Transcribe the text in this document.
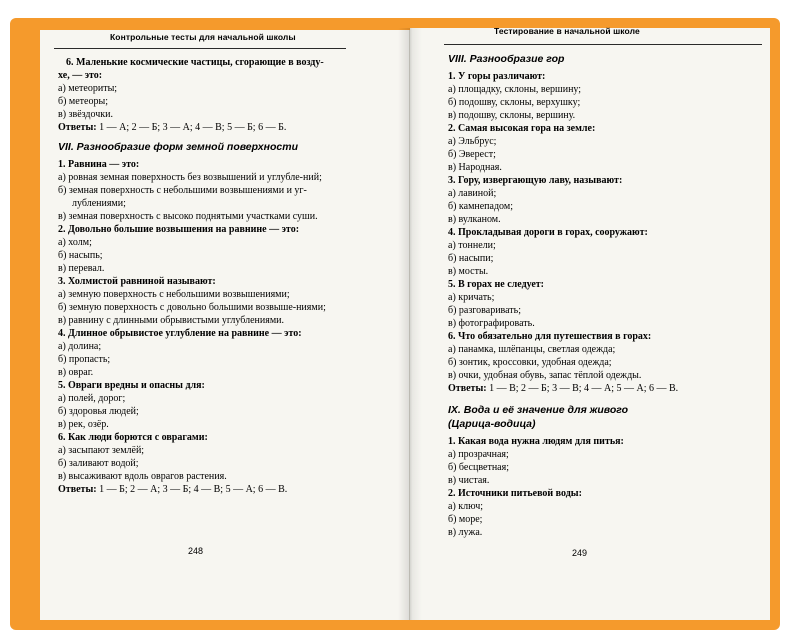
Контрольные тесты для начальной школы
6. Маленькие космические частицы, сгорающие в возду-
хе, — это:
а) метеориты;
б) метеоры;
в) звёздочки.
Ответы: 1 — А; 2 — Б; 3 — А; 4 — В; 5 — Б; 6 — Б.
VII. Разнообразие форм земной поверхности
1. Равнина — это:
а) ровная земная поверхность без возвышений и углубле-ний;
б) земная поверхность с небольшими возвышениями и уг-лублениями;
в) земная поверхность с высоко поднятыми участками суши.
2. Довольно большие возвышения на равнине — это:
а) холм;
б) насыпь;
в) перевал.
3. Холмистой равниной называют:
а) земную поверхность с небольшими возвышениями;
б) земную поверхность с довольно большими возвыше-ниями;
в) равнину с длинными обрывистыми углублениями.
4. Длинное обрывистое углубление на равнине — это:
а) долина;
б) пропасть;
в) овраг.
5. Овраги вредны и опасны для:
а) полей, дорог;
б) здоровья людей;
в) рек, озёр.
6. Как люди борются с оврагами:
а) засыпают землёй;
б) заливают водой;
в) высаживают вдоль оврагов растения.
Ответы: 1 — Б; 2 — А; 3 — Б; 4 — В; 5 — А; 6 — В.
248
Тестирование в начальной школе
VIII. Разнообразие гор
1. У горы различают:
а) площадку, склоны, вершину;
б) подошву, склоны, верхушку;
в) подошву, склоны, вершину.
2. Самая высокая гора на земле:
а) Эльбрус;
б) Эверест;
в) Народная.
3. Гору, извергающую лаву, называют:
а) лавиной;
б) камнепадом;
в) вулканом.
4. Прокладывая дороги в горах, сооружают:
а) тоннели;
б) насыпи;
в) мосты.
5. В горах не следует:
а) кричать;
б) разговаривать;
в) фотографировать.
6. Что обязательно для путешествия в горах:
а) панамка, шлёпанцы, светлая одежда;
б) зонтик, кроссовки, удобная одежда;
в) очки, удобная обувь, запас тёплой одежды.
Ответы: 1 — В; 2 — Б; 3 — В; 4 — А; 5 — А; 6 — В.
IX. Вода и её значение для живого
(Царица-водица)
1. Какая вода нужна людям для питья:
а) прозрачная;
б) бесцветная;
в) чистая.
2. Источники питьевой воды:
а) ключ;
б) море;
в) лужа.
249
